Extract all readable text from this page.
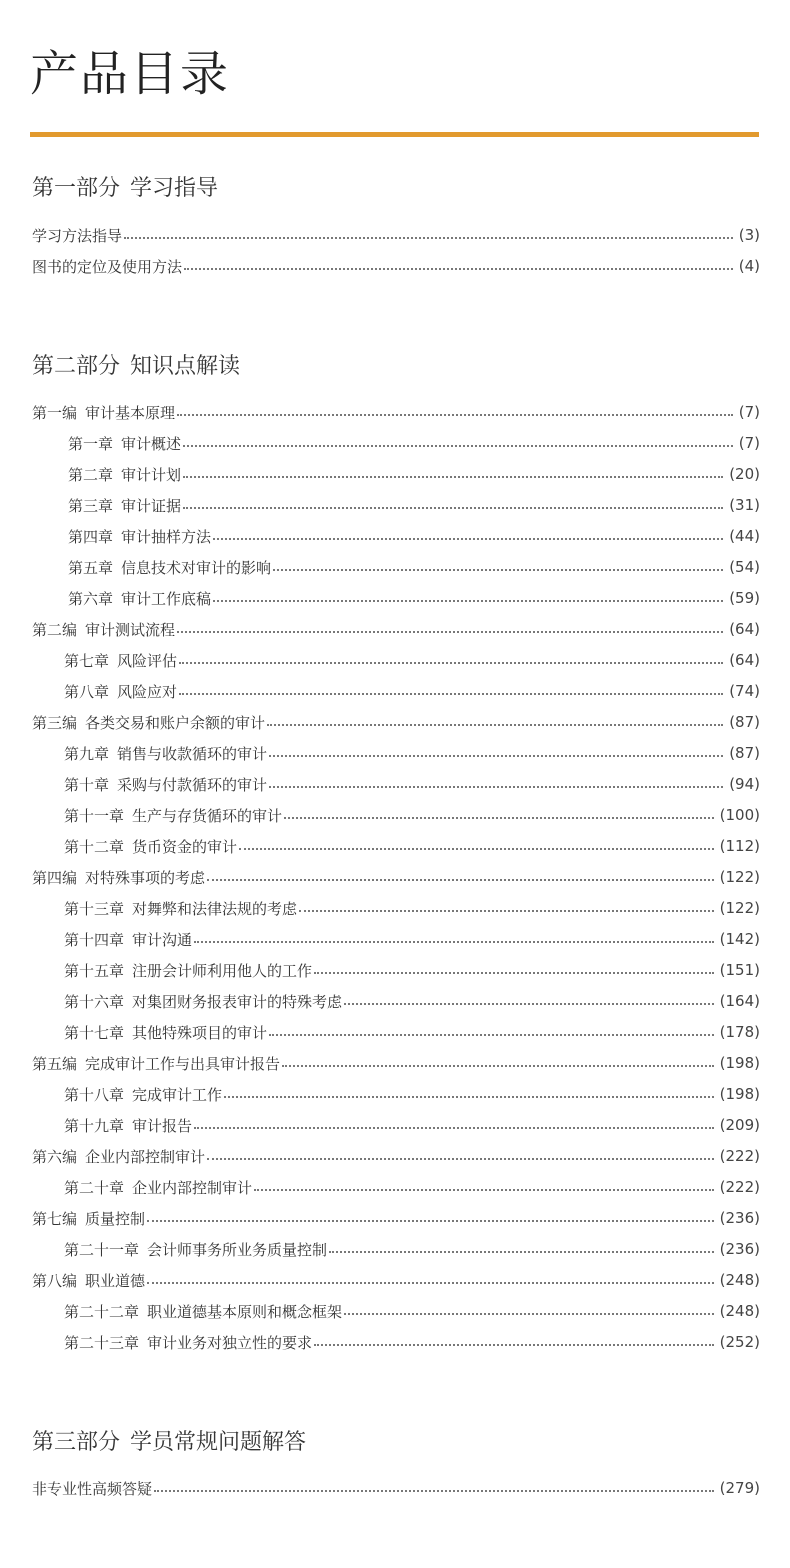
产品目录
第一部分 学习指导
学习方法指导	(3)
图书的定位及使用方法	(4)
第二部分 知识点解读
第一编 审计基本原理	(7)
第一章 审计概述	(7)
第二章 审计计划	(20)
第三章 审计证据	(31)
第四章 审计抽样方法	(44)
第五章 信息技术对审计的影响	(54)
第六章 审计工作底稿	(59)
第二编 审计测试流程	(64)
第七章 风险评估	(64)
第八章 风险应对	(74)
第三编 各类交易和账户余额的审计	(87)
第九章 销售与收款循环的审计	(87)
第十章 采购与付款循环的审计	(94)
第十一章 生产与存货循环的审计	(100)
第十二章 货币资金的审计	(112)
第四编 对特殊事项的考虑	(122)
第十三章 对舞弊和法律法规的考虑	(122)
第十四章 审计沟通	(142)
第十五章 注册会计师利用他人的工作	(151)
第十六章 对集团财务报表审计的特殊考虑	(164)
第十七章 其他特殊项目的审计	(178)
第五编 完成审计工作与出具审计报告	(198)
第十八章 完成审计工作	(198)
第十九章 审计报告	(209)
第六编 企业内部控制审计	(222)
第二十章 企业内部控制审计	(222)
第七编 质量控制	(236)
第二十一章 会计师事务所业务质量控制	(236)
第八编 职业道德	(248)
第二十二章 职业道德基本原则和概念框架	(248)
第二十三章 审计业务对独立性的要求	(252)
第三部分 学员常规问题解答
非专业性高频答疑	(279)
